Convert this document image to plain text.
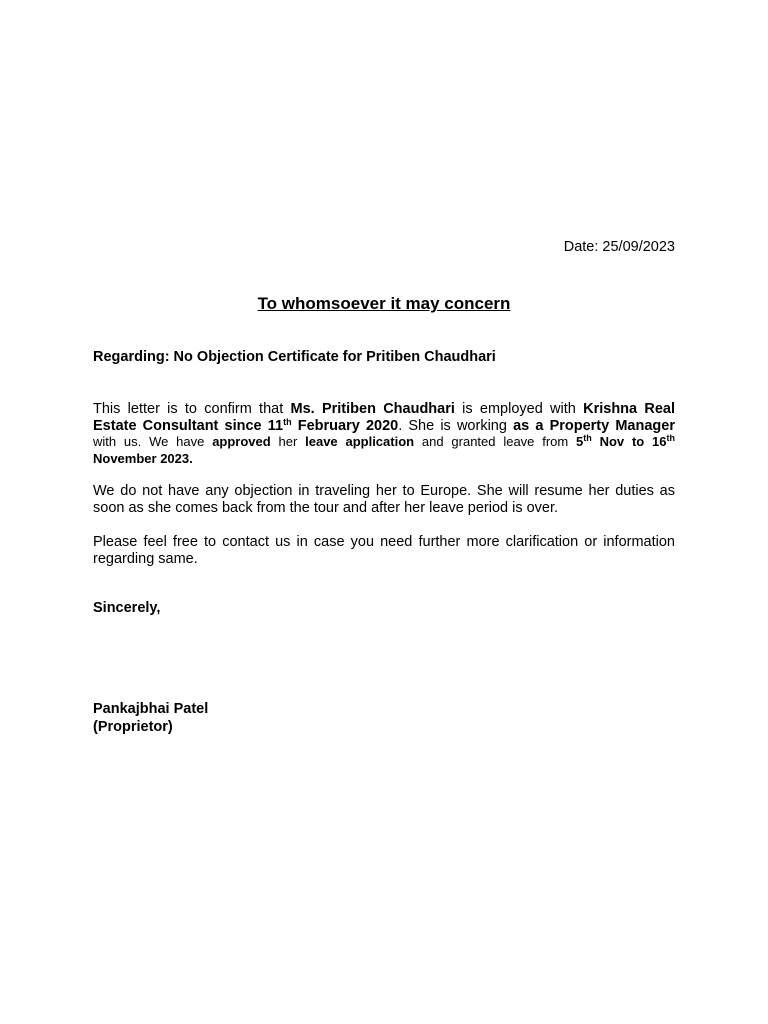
Date: 25/09/2023
To whomsoever it may concern
Regarding: No Objection Certificate for Pritiben Chaudhari
This letter is to confirm that Ms. Pritiben Chaudhari is employed with Krishna Real Estate Consultant since 11th February 2020. She is working as a Property Manager with us. We have approved her leave application and granted leave from 5th Nov to 16th November 2023.
We do not have any objection in traveling her to Europe. She will resume her duties as soon as she comes back from the tour and after her leave period is over.
Please feel free to contact us in case you need further more clarification or information regarding same.
Sincerely,
Pankajbhai Patel
(Proprietor)
